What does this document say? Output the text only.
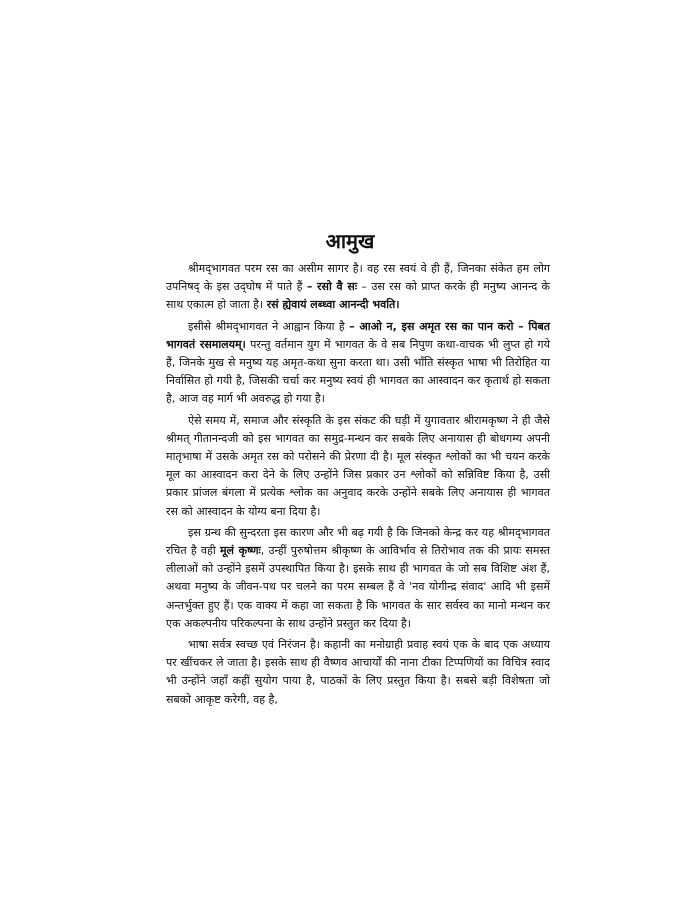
आमुख

श्रीमद्‌भागवत परम रस का असीम सागर है। वह रस स्वयं वे ही हैं, जिनका संकेत हम लोग उपनिषद्‌ के इस उद्‌घोष में पाते हैं – रसो वै सः – उस रस को प्राप्त करके ही मनुष्य आनन्द के साथ एकात्म हो जाता है। रसं ह्येवायं लब्ध्वा आनन्दी भवति।

इसीसे श्रीमद्‌भागवत ने आह्वान किया है – आओ न, इस अमृत रस का पान करो – पिबत भागवतं रसमालयम्‌। परन्तु वर्तमान युग में भागवत के वे सब निपुण कथा-वाचक भी लुप्त हो गये हैं, जिनके मुख से मनुष्य यह अमृत-कथा सुना करता था। उसी भाँति संस्कृत भाषा भी तिरोहित या निर्वासित हो गयी है, जिसकी चर्चा कर मनुष्य स्वयं ही भागवत का आस्वादन कर कृतार्थ हो सकता है, आज वह मार्ग भी अवरुद्ध हो गया है।

ऐसे समय में, समाज और संस्कृति के इस संकट की घड़ी में युगावतार श्रीरामकृष्ण ने ही जैसे श्रीमत्‌ गीतानन्दजी को इस भागवत का समुद्र-मन्थन कर सबके लिए अनायास ही बोधगम्य अपनी मातृभाषा में उसके अमृत रस को परोसने की प्रेरणा दी है। मूल संस्कृत श्लोकों का भी चयन करके मूल का आस्वादन करा देने के लिए उन्होंने जिस प्रकार उन श्लोकों को सन्निविष्ट किया है, उसी प्रकार प्रांजल बंगला में प्रत्येक श्लोक का अनुवाद करके उन्होंने सबके लिए अनायास ही भागवत रस को आस्वादन के योग्य बना दिया है।

इस ग्रन्थ की सुन्दरता इस कारण और भी बढ़ गयी है कि जिनको केन्द्र कर यह श्रीमद्‌भागवत रचित है वही मूलं कृष्णः, उन्हीं पुरुषोत्तम श्रीकृष्ण के आविर्भाव से तिरोभाव तक की प्रायः समस्त लीलाओं को उन्होंने इसमें उपस्थापित किया है। इसके साथ ही भागवत के जो सब विशिष्ट अंश हैं, अथवा मनुष्य के जीवन-पथ पर चलने का परम सम्बल हैं वे 'नव योगीन्द्र संवाद' आदि भी इसमें अन्तर्भुक्त हुए हैं। एक वाक्य में कहा जा सकता है कि भागवत के सार सर्वस्व का मानो मन्थन कर एक अकल्पनीय परिकल्पना के साथ उन्होंने प्रस्तुत कर दिया है।

भाषा सर्वत्र स्वच्छ एवं निरंजन है। कहानी का मनोग्राही प्रवाह स्वयं एक के बाद एक अध्याय पर खींचकर ले जाता है। इसके साथ ही वैष्णव आचार्यों की नाना टीका टिप्पणियों का विचित्र स्वाद भी उन्होंने जहाँ कहीं सुयोग पाया है, पाठकों के लिए प्रस्तुत किया है। सबसे बड़ी विशेषता जो सबको आकृष्ट करेगी, वह है,
